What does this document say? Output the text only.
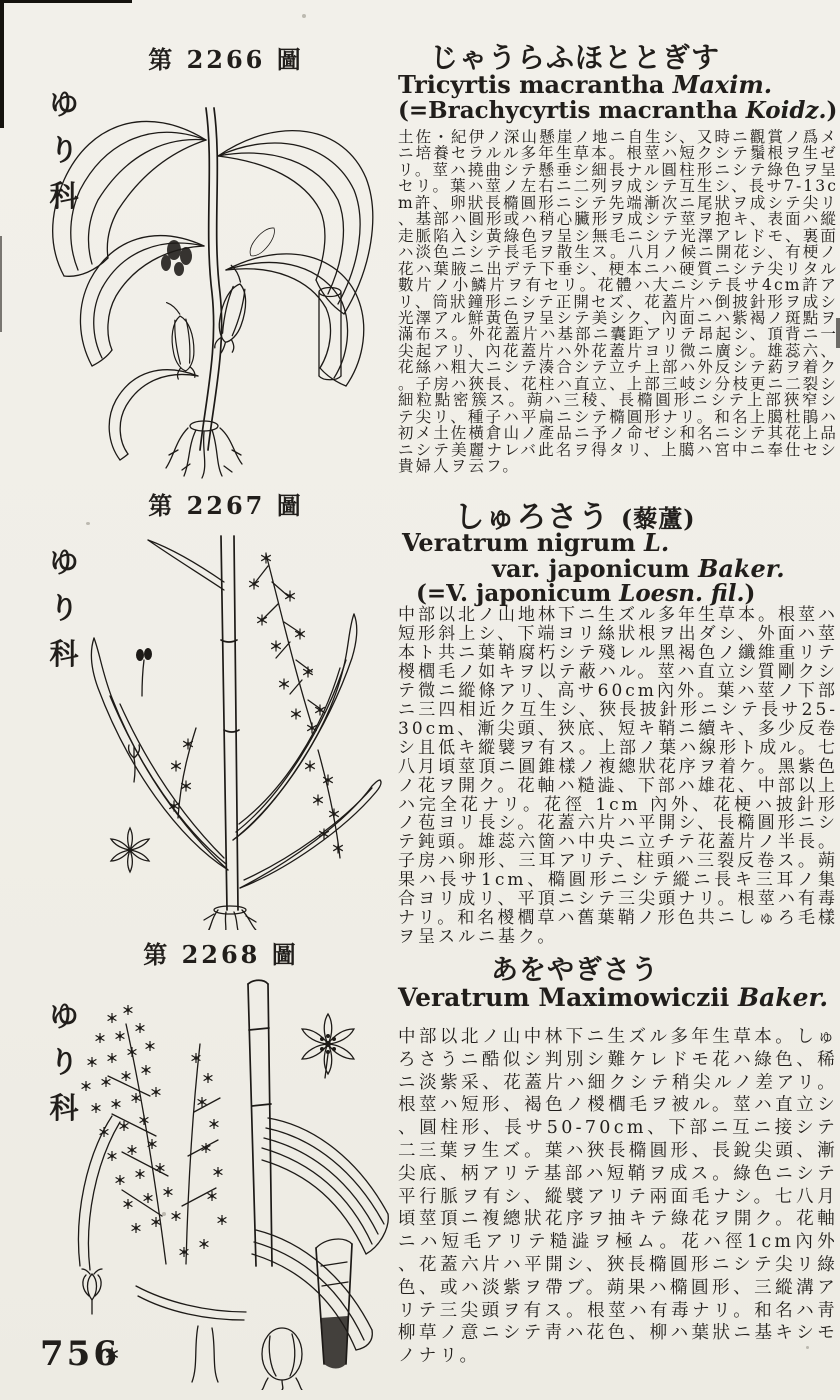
ゆ
り
科
ゆ
り
科
ゆ
り
科
第 2266 圖
第 2267 圖
第 2268 圖
じゃうらふほととぎす
Tricyrtis macrantha Maxim.
(=Brachycyrtis macrantha Koidz.)
土佐・紀伊ノ深山懸崖ノ地ニ自生シ、又時ニ觀賞ノ爲メニ培養セラルル多年生草本。根莖ハ短クシテ鬚根ヲ生ゼリ。莖ハ撓曲シテ懸垂シ細長ナル圓柱形ニシテ綠色ヲ呈セリ。葉ハ莖ノ左右ニ二列ヲ成シテ互生シ、長サ7-13cm許、卵狀長橢圓形ニシテ先端漸次ニ尾狀ヲ成シテ尖リ、基部ハ圓形或ハ稍心臟形ヲ成シテ莖ヲ抱キ、表面ハ縱走脈陷入シ黃綠色ヲ呈シ無毛ニシテ光澤アレドモ、裏面ハ淡色ニシテ長毛ヲ散生ス。八月ノ候ニ開花シ、有梗ノ花ハ葉腋ニ出デテ下垂シ、梗本ニハ硬質ニシテ尖リタル數片ノ小鱗片ヲ有セリ。花體ハ大ニシテ長サ4cm許アリ、筒狀鐘形ニシテ正開セズ、花蓋片ハ倒披針形ヲ成シ光澤アル鮮黃色ヲ呈シテ美シク、內面ニハ紫褐ノ斑點ヲ滿布ス。外花蓋片ハ基部ニ囊距アリテ昂起シ、頂背ニ一尖起アリ、內花蓋片ハ外花蓋片ヨリ微ニ廣シ。雄蕊六、花絲ハ粗大ニシテ湊合シテ立チ上部ハ外反シテ葯ヲ着ク。子房ハ狹長、花柱ハ直立、上部三岐シ分枝更ニ二裂シ細粒點密簇ス。蒴ハ三稜、長橢圓形ニシテ上部狹窄シテ尖リ、種子ハ平扁ニシテ橢圓形ナリ。和名上臈杜鵑ハ初メ土佐橫倉山ノ產品ニ予ノ命ゼシ和名ニシテ其花上品ニシテ美麗ナレバ此名ヲ得タリ、上臈ハ宮中ニ奉仕セシ貴婦人ヲ云フ。
しゅろさう (藜蘆)
Veratrum nigrum L.
var. japonicum Baker.
(=V. japonicum Loesn. fil.)
中部以北ノ山地林下ニ生ズル多年生草本。根莖ハ短形斜上シ、下端ヨリ絲狀根ヲ出ダシ、外面ハ莖本ト共ニ葉鞘腐朽シテ殘レル黑褐色ノ纖維重リテ椶櫚毛ノ如キヲ以テ蔽ハル。莖ハ直立シ質剛クシテ微ニ縱條アリ、高サ60cm內外。葉ハ莖ノ下部ニ三四相近ク互生シ、狹長披針形ニシテ長サ25-30cm、漸尖頭、狹底、短キ鞘ニ續キ、多少反卷シ且低キ縱襞ヲ有ス。上部ノ葉ハ線形ト成ル。七八月頃莖頂ニ圓錐樣ノ複總狀花序ヲ着ケ。黑紫色ノ花ヲ開ク。花軸ハ糙澁、下部ハ雄花、中部以上ハ完全花ナリ。花徑 1cm 內外、花梗ハ披針形ノ苞ヨリ長シ。花蓋六片ハ平開シ、長橢圓形ニシテ鈍頭。雄蕊六箇ハ中央ニ立チテ花蓋片ノ半長。子房ハ卵形、三耳アリテ、柱頭ハ三裂反卷ス。蒴果ハ長サ1cm、橢圓形ニシテ縱ニ長キ三耳ノ集合ヨリ成リ、平頂ニシテ三尖頭ナリ。根莖ハ有毒ナリ。和名椶櫚草ハ舊葉鞘ノ形色共ニしゅろ毛樣ヲ呈スルニ基ク。
あをやぎさう
Veratrum Maximowiczii Baker.
中部以北ノ山中林下ニ生ズル多年生草本。しゅろさうニ酷似シ判別シ難ケレドモ花ハ綠色、稀ニ淡紫采、花蓋片ハ細クシテ稍尖ルノ差アリ。根莖ハ短形、褐色ノ椶櫚毛ヲ被ル。莖ハ直立シ、圓柱形、長サ50-70cm、下部ニ互ニ接シテ二三葉ヲ生ズ。葉ハ狹長橢圓形、長銳尖頭、漸尖底、柄アリテ基部ハ短鞘ヲ成ス。綠色ニシテ平行脈ヲ有シ、縱襞アリテ兩面毛ナシ。七八月頃莖頂ニ複總狀花序ヲ抽キテ綠花ヲ開ク。花軸ニハ短毛アリテ糙澁ヲ極ム。花ハ徑1cm內外、花蓋六片ハ平開シ、狹長橢圓形ニシテ尖リ綠色、或ハ淡紫ヲ帶ブ。蒴果ハ橢圓形、三縱溝アリテ三尖頭ヲ有ス。根莖ハ有毒ナリ。和名ハ靑柳草ノ意ニシテ靑ハ花色、柳ハ葉狀ニ基キシモノナリ。
756
